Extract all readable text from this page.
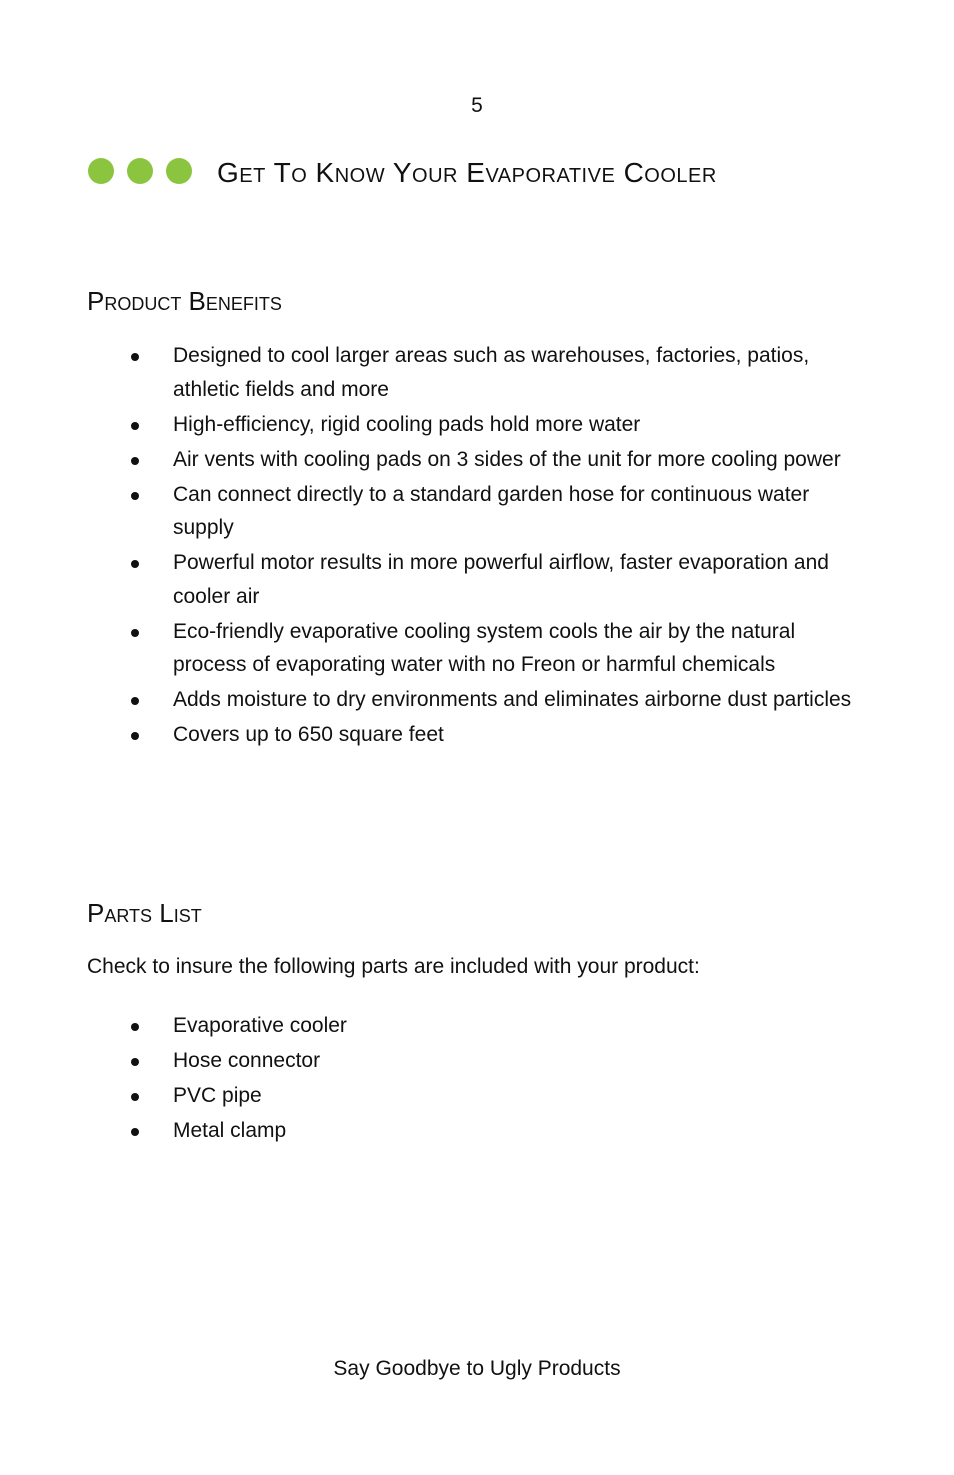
5
Get To Know Your Evaporative Cooler
Product Benefits
Designed to cool larger areas such as warehouses, factories, patios, athletic fields and more
High-efficiency, rigid cooling pads hold more water
Air vents with cooling pads on 3 sides of the unit for more cooling power
Can connect directly to a standard garden hose for continuous water supply
Powerful motor results in more powerful airflow, faster evaporation and cooler air
Eco-friendly evaporative cooling system cools the air by the natural process of evaporating water with no Freon or harmful chemicals
Adds moisture to dry environments and eliminates airborne dust particles
Covers up to 650 square feet
Parts List

Check to insure the following parts are included with your product:

Evaporative cooler
Hose connector
PVC pipe
Metal clamp
Say Goodbye to Ugly Products
